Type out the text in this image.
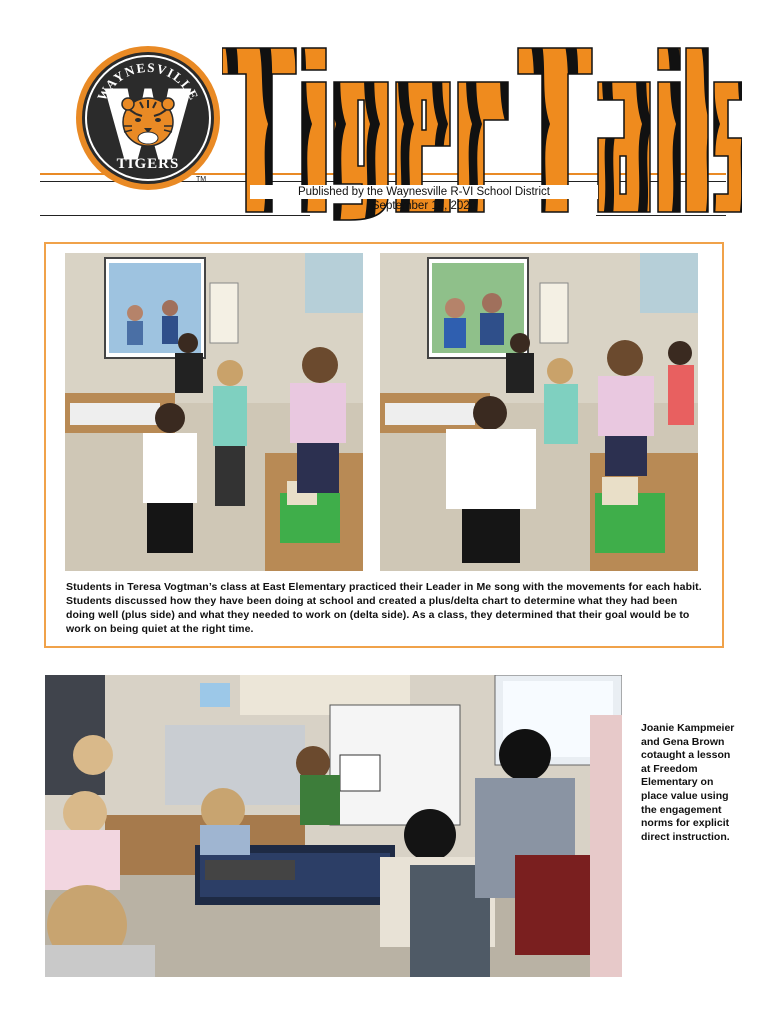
WAYNESVILLE
TIGERS
TM
Tiger Tails
Published by the Waynesville R-VI School District
September 18, 2020
Students in Teresa Vogtman’s class at East Elementary practiced their Leader in Me song with the movements for each habit. Students discussed how they have been doing at school and created a plus/delta chart to determine what they had been doing well (plus side) and what they needed to work on (delta side). As a class, they determined that their goal would be to work on being quiet at the right time.
Joanie Kampmeier and Gena Brown cotaught a lesson at Freedom Elementary on place value using the engagement norms for explicit direct instruction.
